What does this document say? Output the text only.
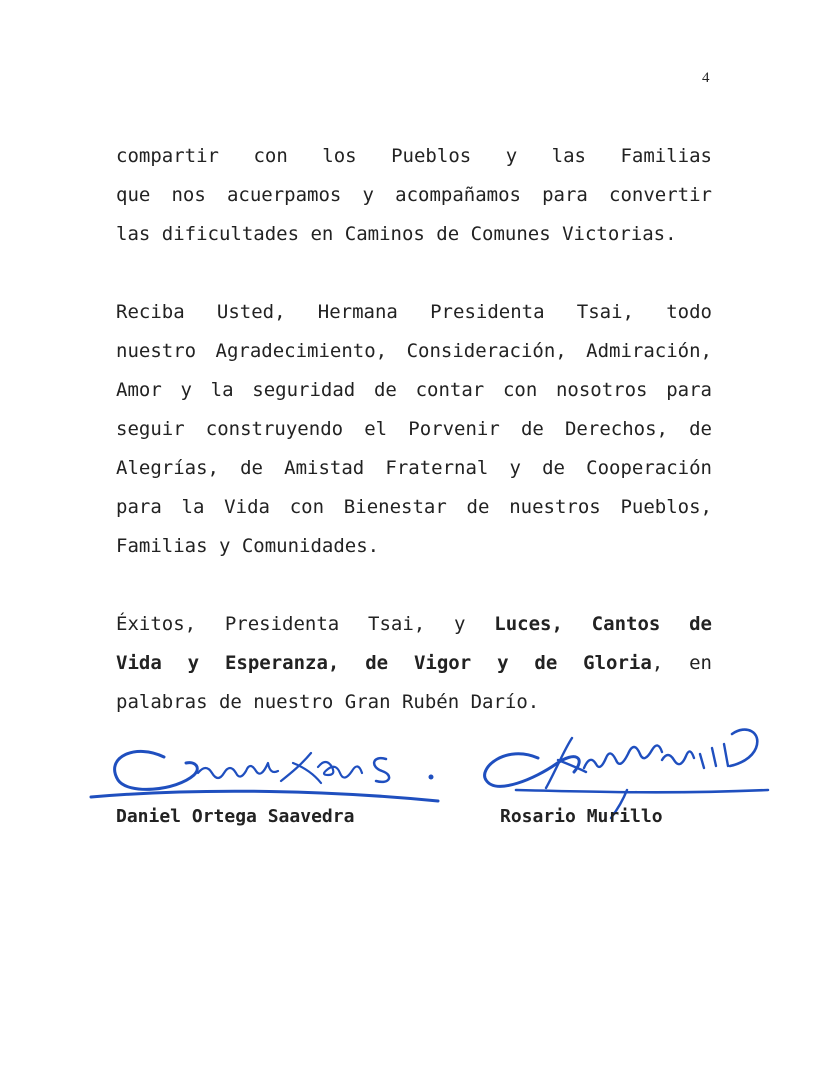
4
compartir con los Pueblos y las Familias
que nos acuerpamos y acompañamos para convertir
las dificultades en Caminos de Comunes Victorias.
Reciba Usted, Hermana Presidenta Tsai, todo
nuestro Agradecimiento, Consideración, Admiración,
Amor y la seguridad de contar con nosotros para
seguir construyendo el Porvenir de Derechos, de
Alegrías, de Amistad Fraternal y de Cooperación
para la Vida con Bienestar de nuestros Pueblos,
Familias y Comunidades.
Éxitos, Presidenta Tsai, y Luces, Cantos de
Vida y Esperanza, de Vigor y de Gloria, en
palabras de nuestro Gran Rubén Darío.
Daniel Ortega Saavedra	Rosario Murillo
